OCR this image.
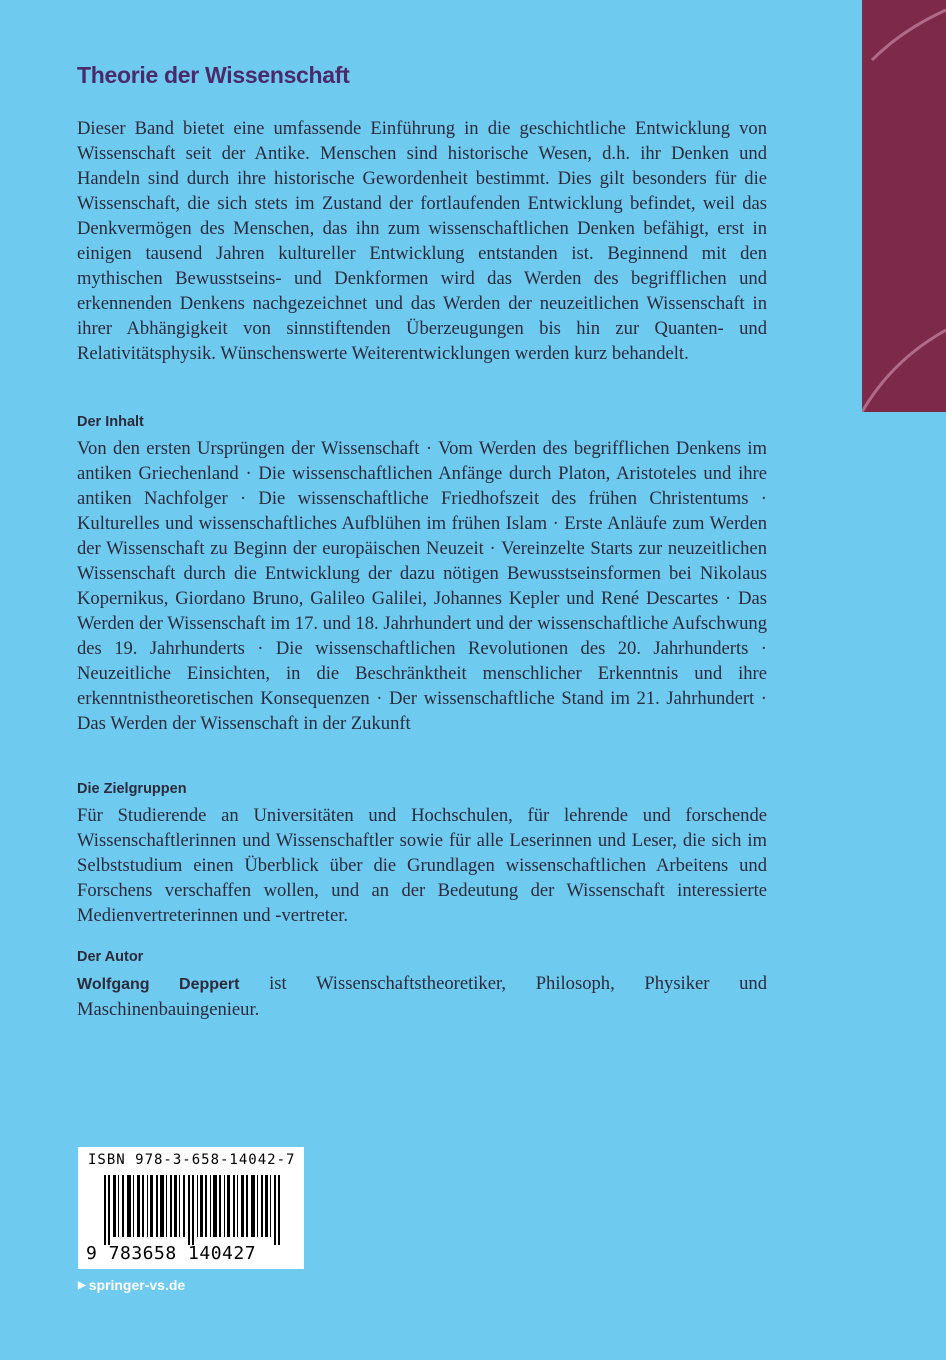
Theorie der Wissenschaft
Dieser Band bietet eine umfassende Einführung in die geschichtliche Entwicklung von Wissenschaft seit der Antike. Menschen sind historische Wesen, d.h. ihr Denken und Handeln sind durch ihre historische Gewordenheit bestimmt. Dies gilt besonders für die Wissenschaft, die sich stets im Zustand der fortlaufenden Entwicklung befindet, weil das Denkvermögen des Menschen, das ihn zum wissenschaftlichen Denken befähigt, erst in einigen tausend Jahren kultureller Entwicklung entstanden ist. Beginnend mit den mythischen Bewusstseins- und Denkformen wird das Werden des begrifflichen und erkennenden Denkens nachgezeichnet und das Werden der neuzeitlichen Wissenschaft in ihrer Abhängigkeit von sinnstiftenden Überzeugungen bis hin zur Quanten- und Relativitätsphysik. Wünschenswerte Weiterentwicklungen werden kurz behandelt.
Der Inhalt
Von den ersten Ursprüngen der Wissenschaft · Vom Werden des begrifflichen Denkens im antiken Griechenland · Die wissenschaftlichen Anfänge durch Platon, Aristoteles und ihre antiken Nachfolger · Die wissenschaftliche Friedhofszeit des frühen Christentums · Kulturelles und wissenschaftliches Aufblühen im frühen Islam · Erste Anläufe zum Werden der Wissenschaft zu Beginn der europäischen Neuzeit · Vereinzelte Starts zur neuzeitlichen Wissenschaft durch die Entwicklung der dazu nötigen Bewusstseinsformen bei Nikolaus Kopernikus, Giordano Bruno, Galileo Galilei, Johannes Kepler und René Descartes · Das Werden der Wissenschaft im 17. und 18. Jahrhundert und der wissenschaftliche Aufschwung des 19. Jahrhunderts · Die wissenschaftlichen Revolutionen des 20. Jahrhunderts · Neuzeitliche Einsichten, in die Beschränktheit menschlicher Erkenntnis und ihre erkenntnistheoretischen Konsequenzen · Der wissenschaftliche Stand im 21. Jahrhundert · Das Werden der Wissenschaft in der Zukunft
Die Zielgruppen
Für Studierende an Universitäten und Hochschulen, für lehrende und forschende Wissenschaftlerinnen und Wissenschaftler sowie für alle Leserinnen und Leser, die sich im Selbststudium einen Überblick über die Grundlagen wissenschaftlichen Arbeitens und Forschens verschaffen wollen, und an der Bedeutung der Wissenschaft interessierte Medienvertreterinnen und -vertreter.
Der Autor
Wolfgang Deppert ist Wissenschaftstheoretiker, Philosoph, Physiker und Maschinenbauingenieur.
ISBN 978-3-658-14042-7
9 783658 140427
▶ springer-vs.de
